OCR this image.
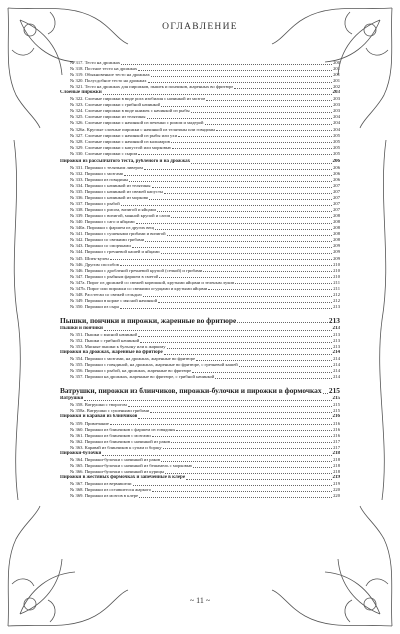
ОГЛАВЛЕНИЕ
№ 317. Тесто на дрожжах	200
№ 318. Постное тесто на дрожжах	201
№ 319. Обыкновенное тесто на дрожжах	201
№ 320. Полусдобное тесто на дрожжах	201
№ 321. Тесто на дрожжах для пирожков, пышек и пончиков, жаренных во фритюре	202
Слоеные пирожки	203
№ 322. Слоеные пирожки в виде рога изобилия с начинкой из мозгов	203
№ 323. Слоеные пирожки с грибной начинкой	203
№ 324. Слоеные пирожки в виде книжек с начинкой из рыбы	203
№ 325. Слоеные пирожки из телятины	204
№ 326. Слоеные пирожки с начинкой из печенки с ромом и мадерой	204
№ 326а. Круглые слоеные пирожки с начинкой из телятины или говядины	204
№ 327. Слоеные пирожки с начинкой из рыбы или ухи	205
№ 328. Слоеные пирожки с начинкой из кальмаров	205
№ 329. Слоеные пирожки с капустой или морковью	205
№ 330. Слоеные пирожки с сыром	205
Пирожки из рассыпчатого теста, рубленого и на дрожжах	206
№ 331. Пирожки с телячьим ливером	206
№ 332. Пирожки с мозгами	206
№ 333. Пирожки из говядины	206
№ 334. Пирожки с начинкой из телятины	207
№ 335. Пирожки с начинкой из свежей капусты	207
№ 336. Пирожки с начинкой из моркови	207
№ 337. Пирожки с рыбой	207
№ 338. Пирожки с рисом, визигой и яйцами	207
№ 339. Пирожки с визигой, манной крупой и сагом	208
№ 340. Пирожки с саго и яйцами	208
№ 340а. Пирожки с фаршем из других вещ	208
№ 341. Пирожки с сушеными грибами и визигой	208
№ 342. Пирожки со свежими грибами	208
№ 343. Пирожки со сморчками	209
№ 344. Пирожки с гречневой кашей и яйцами	209
№ 345. Шпек-кухен	209
№ 346. Другим способом	210
№ 346. Пирожки с дробленой гречневой крупой (сечкой) и грибами	210
№ 347. Пирожки с рыбным фаршем в сметой	210
№ 347а. Пирог из дрожжей со свежей корюшкой, крутыми яйцами и зеленым луком	211
№ 347b. Пирог или пирожки со свежими огурцами и крутыми яйцами	211
№ 348. Расстегаи со свежей сельдью	212
№ 349. Пирожки в корже с мясной начинкой	212
№ 350. Пирожки из сыра	213
Пышки, пончики и пирожки, жаренные во фритюре	213
Пышки и пончики	213
№ 351. Пышки с мясной начинкой	213
№ 352. Пышки с грибной начинкой	213
№ 353. Мясные пышки к бульону или к жаркому	213
Пирожки на дрожжах, жаренные во фритюре	214
№ 354. Пирожки с мозгами, на дрожжах, жаренные во фритюре	214
№ 355. Пирожки с говядиной, на дрожжах, жаренные во фритюре, с гречневой кашей	214
№ 356. Пирожки с рыбой, на дрожжах, жаренные во фритюре	214
№ 357. Пирожки на дрожжах, жаренные во фритюре, с грибной начинкой	214
Ватрушки, пирожки из блинчиков, пирожки-булочки и пирожки в формочках 215
Ватрушки	215
№ 358. Ватрушки с творогом	215
№ 358а. Ватрушки с сушеными грибами	215
Пирожки и караваи из блинчиков	216
№ 359. Примечание	216
№ 360. Пирожки из блинчиков с фаршем из говядины	216
№ 361. Пирожки из блинчиков с мозгами	216
№ 362. Пирожки из блинчиков с начинкой из раков	217
№ 363. Каравай из блинчиков к супам и борщу	217
Пирожки-булочки	218
№ 364. Пирожки-булочки с начинкой из раков	218
№ 365. Пирожки-булочки с начинкой из бешамель с морковью	218
№ 366. Пирожки-булочки с начинкой из курицы	218
Пирожки в жестяных формочках и запеченные в клере	219
№ 367. Пирожки из вермишели	219
№ 368. Пирожки из оставшегося жаркого	220
№ 369. Пирожки из мозгов в клере	220
~ 11 ~
